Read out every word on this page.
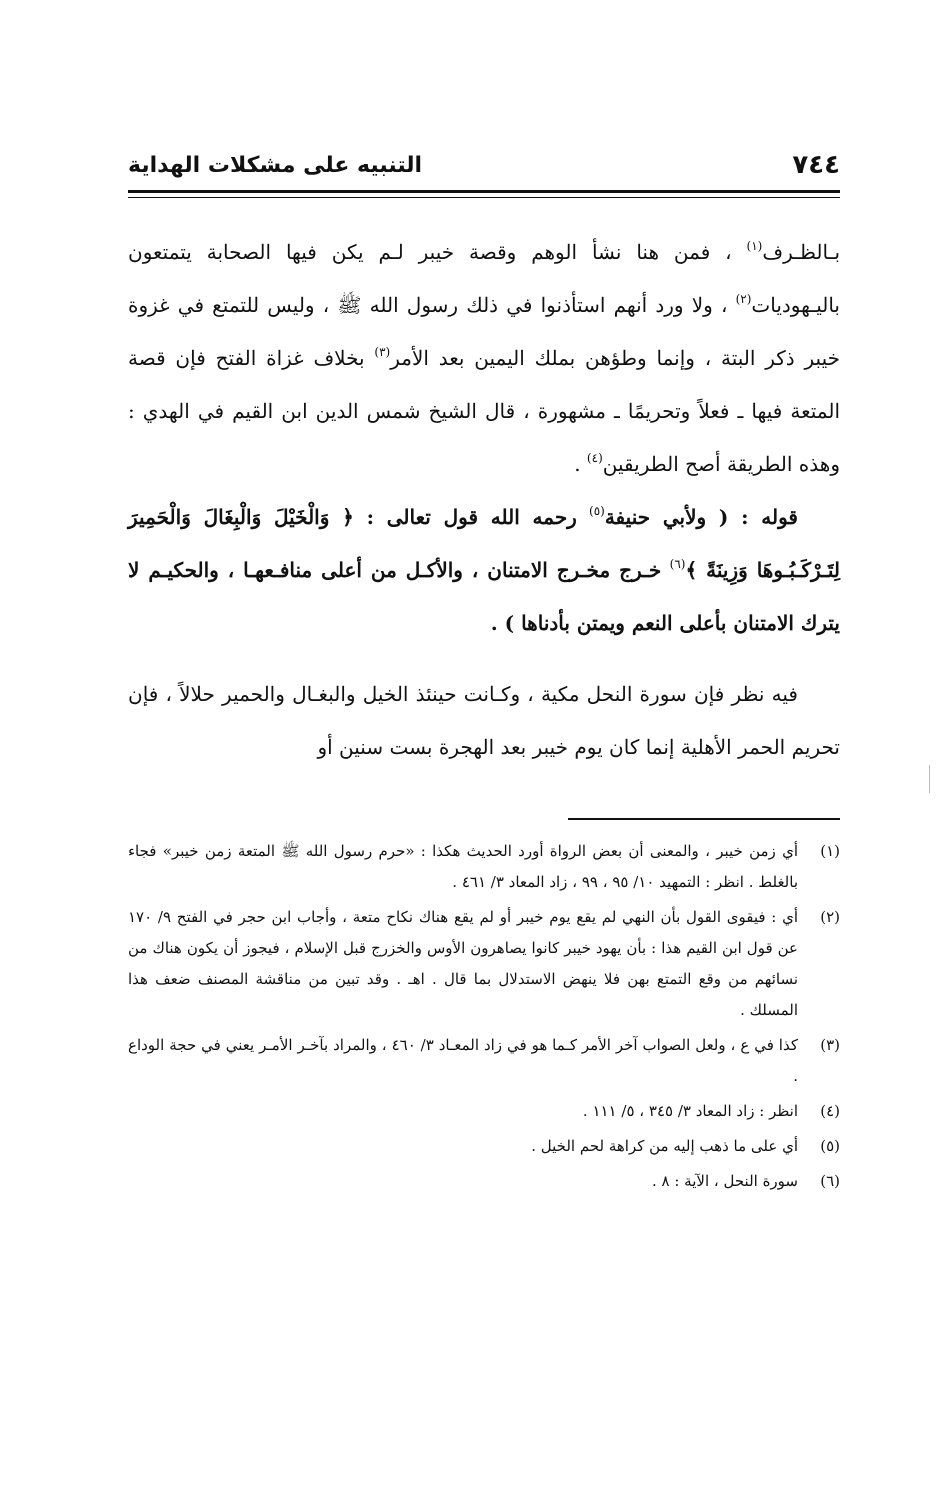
٧٤٤
التنبيه على مشكلات الهداية

بـالظـرف$^{(١)}$ ، فمن هنا نشأ الوهم وقصة خيبر لـم يكن فيها الصحابة يتمتعون باليـهوديات$^{(٢)}$ ، ولا ورد أنهم استأذنوا في ذلك رسول الله ﷺ ، وليس للتمتع في غزوة خيبر ذكر البتة ، وإنما وطؤهن بملك اليمين بعد الأمر$^{(٣)}$ بخلاف غزاة الفتح فإن قصة المتعة فيها ـ فعلاً وتحريمًا ـ مشهورة ، قال الشيخ شمس الدين ابن القيم في الهدي : وهذه الطريقة أصح الطريقين$^{(٤)}$ .

قوله : ( ولأبي حنيفة$^{(٥)}$ رحمه الله قول تعالى : ﴿ وَالْخَيْلَ وَالْبِغَالَ وَالْحَمِيرَ لِتَـرْكَـبُـوهَا وَزِينَةً ﴾$^{(٦)}$ خـرج مخـرج الامتنان ، والأكـل من أعلى منافـعهـا ، والحكيـم لا يترك الامتنان بأعلى النعم ويمتن بأدناها ) .

فيه نظر فإن سورة النحل مكية ، وكـانت حينئذ الخيل والبغـال والحمير حلالاً ، فإن تحريم الحمر الأهلية إنما كان يوم خيبر بعد الهجرة بست سنين أو

(١)
أي زمن خيبر ، والمعنى أن بعض الرواة أورد الحديث هكذا : «حرم رسول الله ﷺ المتعة زمن خيبر» فجاء بالغلط . انظر : التمهيد ١٠/ ٩٥ ، ٩٩ ، زاد المعاد ٣/ ٤٦١ .
(٢)
أي : فيقوى القول بأن النهي لم يقع يوم خيبر أو لم يقع هناك نكاح متعة ، وأجاب ابن حجر في الفتح ٩/ ١٧٠ عن قول ابن القيم هذا : بأن يهود خيبر كانوا يصاهرون الأوس والخزرج قبل الإسلام ، فيجوز أن يكون هناك من نسائهم من وقع التمتع بهن فلا ينهض الاستدلال بما قال . اهـ . وقد تبين من مناقشة المصنف ضعف هذا المسلك .
(٣)
كذا في ع ، ولعل الصواب آخر الأمر كـما هو في زاد المعـاد ٣/ ٤٦٠ ، والمراد بآخـر الأمـر يعني في حجة الوداع .
(٤)
انظر : زاد المعاد ٣/ ٣٤٥ ، ٥/ ١١١ .
(٥)
أي على ما ذهب إليه من كراهة لحم الخيل .
(٦)
سورة النحل ، الآية : ٨ .
